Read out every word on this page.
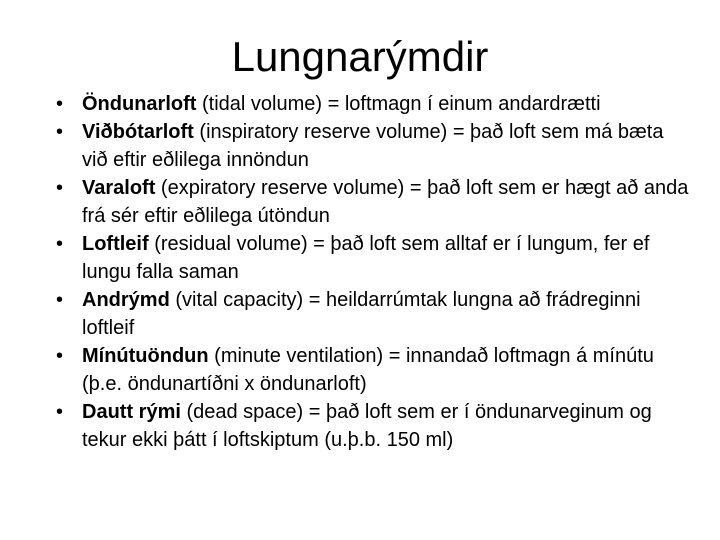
Lungnarýmdir
• Öndunarloft (tidal volume) = loftmagn í einum andardrætti
• Viðbótarloft (inspiratory reserve volume) = það loft sem má bæta við eftir eðlilega innöndun
• Varaloft (expiratory reserve volume) = það loft sem er hægt að anda frá sér eftir eðlilega útöndun
• Loftleif (residual volume) = það loft sem alltaf er í lungum, fer ef lungu falla saman
• Andrýmd (vital capacity) = heildarrúmtak lungna að frádreginni loftleif
• Mínútuöndun (minute ventilation) = innandað loftmagn á mínútu (þ.e. öndunartíðni x öndunarloft)
• Dautt rými (dead space) = það loft sem er í öndunarveginum og tekur ekki þátt í loftskiptum (u.þ.b. 150 ml)
